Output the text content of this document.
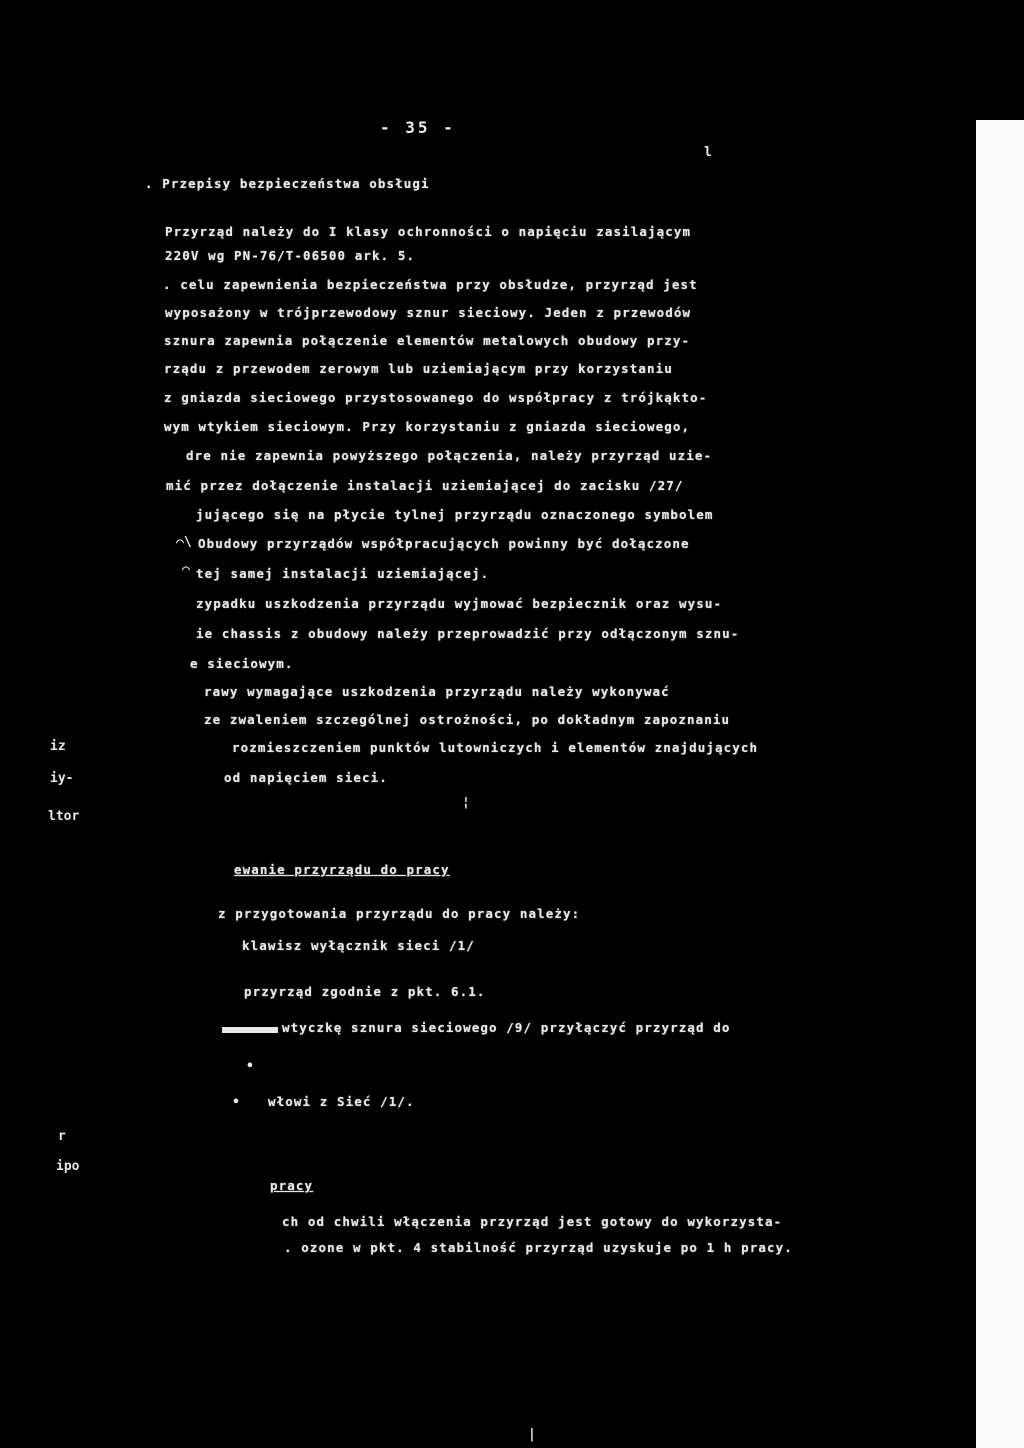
- 35 -
l
iz
iy-
ltor
r
ipo
. Przepisy bezpieczeństwa obsługi
Przyrząd należy do I klasy ochronności o napięciu zasilającym
220V wg PN-76/T-06500 ark. 5.
. celu zapewnienia bezpieczeństwa przy obsłudze, przyrząd jest
wyposażony w trójprzewodowy sznur sieciowy. Jeden z przewodów
sznura zapewnia połączenie elementów metalowych obudowy przy-
rządu z przewodem zerowym lub uziemiającym przy korzystaniu
z gniazda sieciowego przystosowanego do współpracy z trójkąkto-
wym wtykiem sieciowym. Przy korzystaniu z gniazda sieciowego,
dre nie zapewnia powyższego połączenia, należy przyrząd uzie-
mić przez dołączenie instalacji uziemiającej do zacisku /27/
jującego się na płycie tylnej przyrządu oznaczonego symbolem
⌒\ Obudowy przyrządów współpracujących powinny być dołączone
⌒ tej samej instalacji uziemiającej.
zypadku uszkodzenia przyrządu wyjmować bezpiecznik oraz wysu-
ie chassis z obudowy należy przeprowadzić przy odłączonym sznu-
e sieciowym.
rawy wymagające uszkodzenia przyrządu należy wykonywać
ze zwaleniem szczególnej ostrożności, po dokładnym zapoznaniu
rozmieszczeniem punktów lutowniczych i elementów znajdujących
od napięciem sieci.
¦
ewanie przyrządu do pracy
z przygotowania przyrządu do pracy należy:
klawisz wyłącznik sieci /1/
przyrząd zgodnie z pkt. 6.1.
wtyczkę sznura sieciowego /9/ przyłączyć przyrząd do
•
• włowi z Sieć /1/.
pracy
ch od chwili włączenia przyrząd jest gotowy do wykorzysta-
. ozone w pkt. 4 stabilność przyrząd uzyskuje po 1 h pracy.
|
